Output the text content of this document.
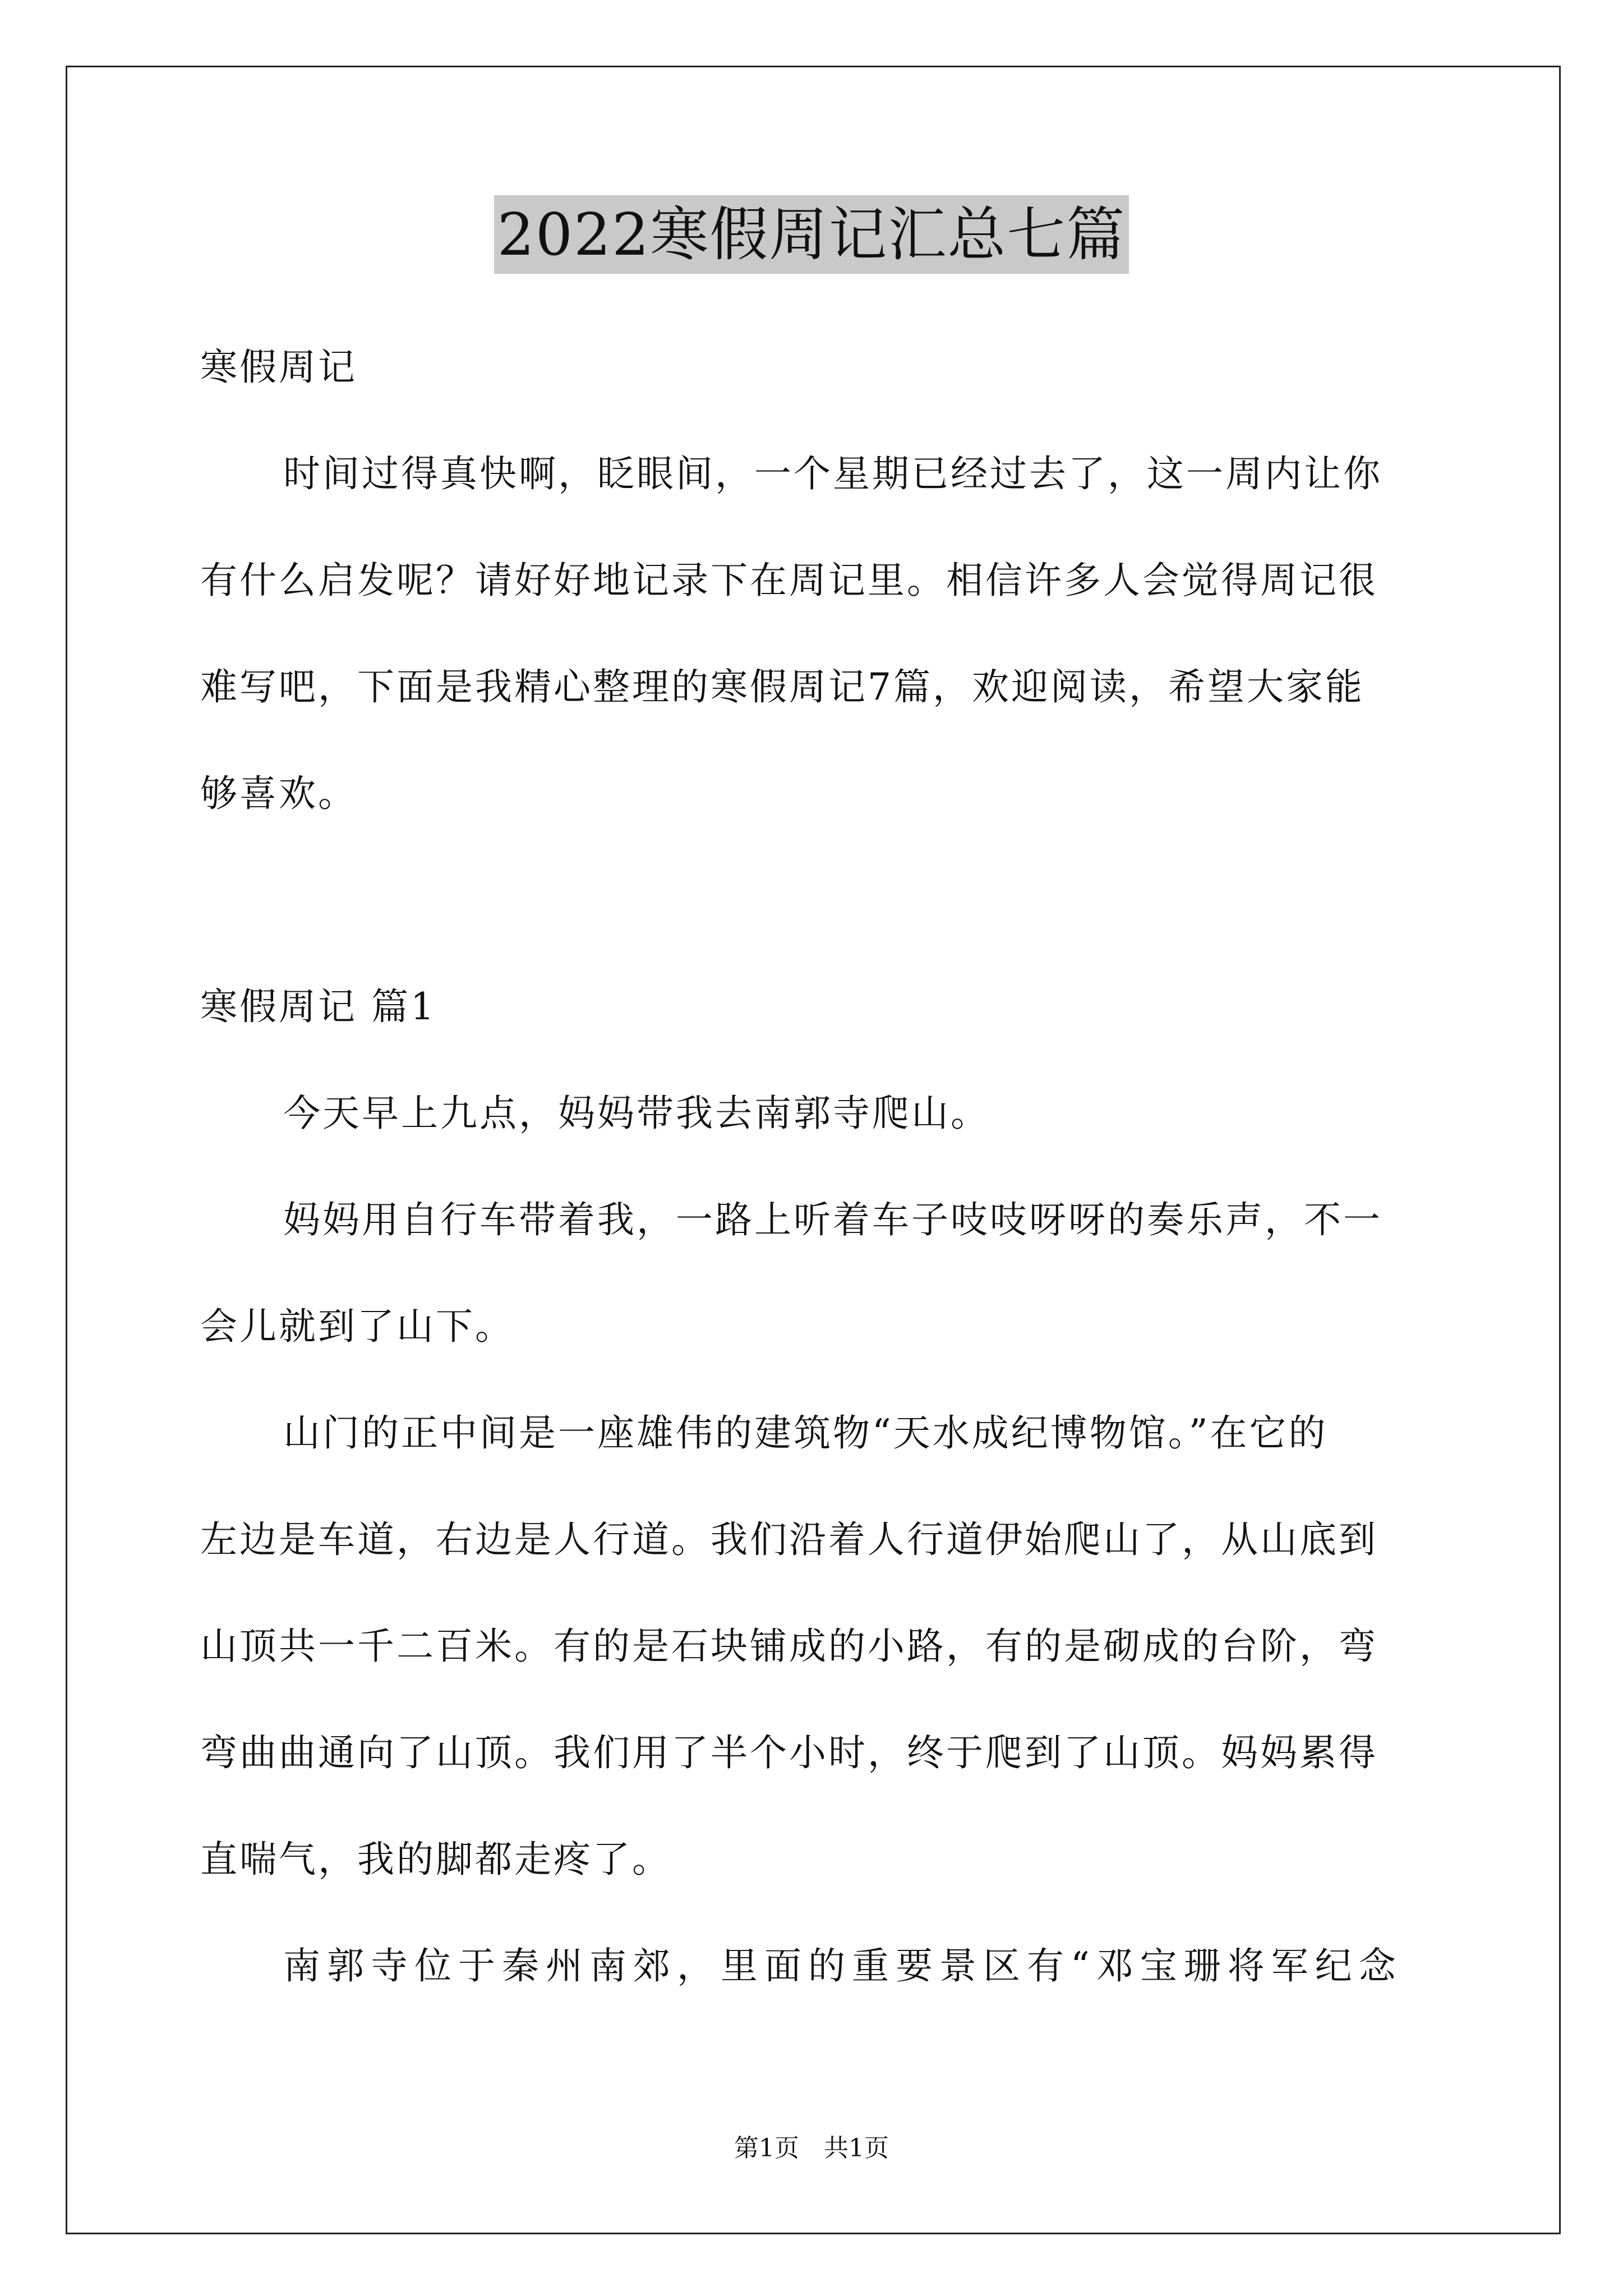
2022寒假周记汇总七篇
寒假周记
时间过得真快啊，眨眼间，一个星期已经过去了，这一周内让你
有什么启发呢？请好好地记录下在周记里。相信许多人会觉得周记很
难写吧，下面是我精心整理的寒假周记7篇，欢迎阅读，希望大家能
够喜欢。
寒假周记 篇1
今天早上九点，妈妈带我去南郭寺爬山。
妈妈用自行车带着我，一路上听着车子吱吱呀呀的奏乐声，不一
会儿就到了山下。
山门的正中间是一座雄伟的建筑物“天水成纪博物馆。”在它的
左边是车道，右边是人行道。我们沿着人行道伊始爬山了，从山底到
山顶共一千二百米。有的是石块铺成的小路，有的是砌成的台阶，弯
弯曲曲通向了山顶。我们用了半个小时，终于爬到了山顶。妈妈累得
直喘气，我的脚都走疼了。
南郭寺位于秦州南郊，里面的重要景区有“邓宝珊将军纪念
第1页 共1页
